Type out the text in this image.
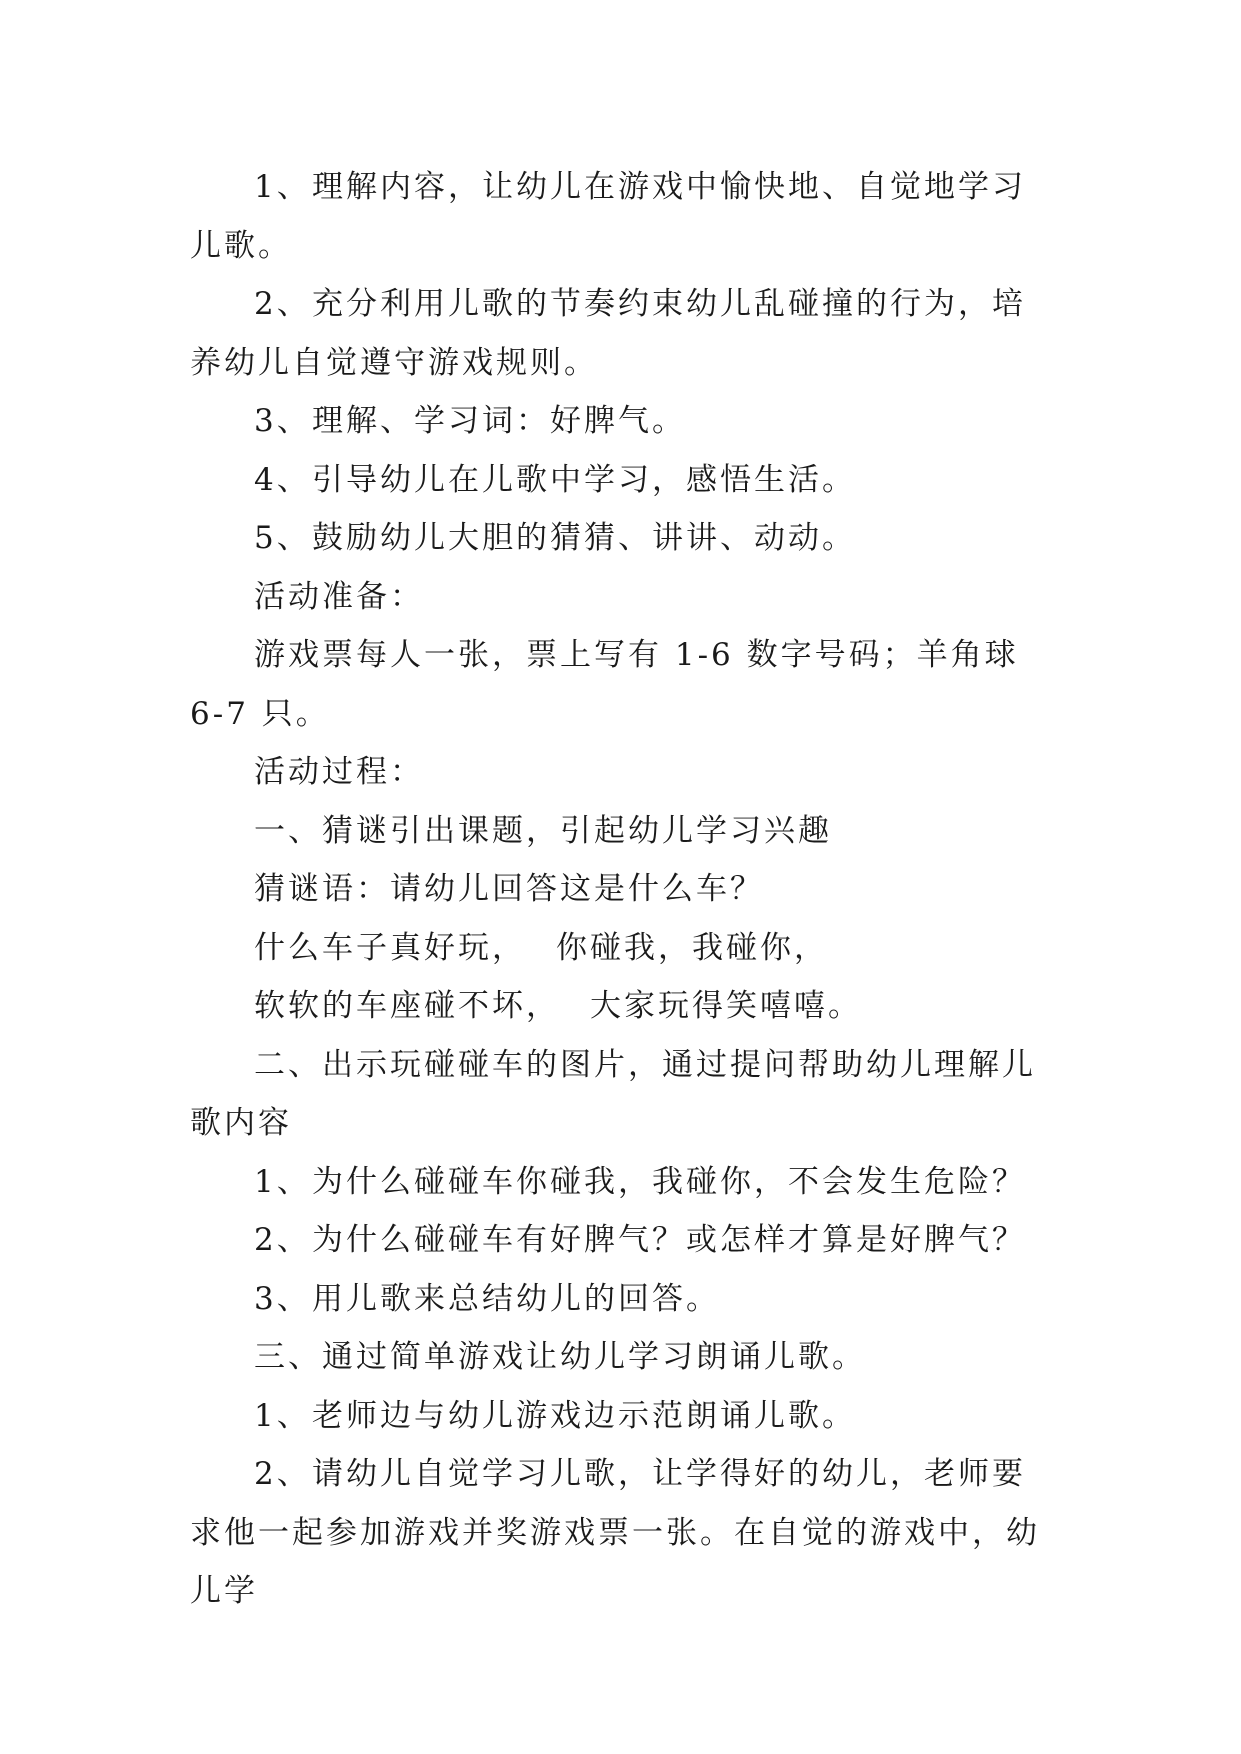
1、理解内容，让幼儿在游戏中愉快地、自觉地学习儿歌。

2、充分利用儿歌的节奏约束幼儿乱碰撞的行为，培养幼儿自觉遵守游戏规则。

3、理解、学习词：好脾气。

4、引导幼儿在儿歌中学习，感悟生活。

5、鼓励幼儿大胆的猜猜、讲讲、动动。

活动准备：

游戏票每人一张，票上写有 1-6 数字号码；羊角球 6-7 只。

活动过程：

一、猜谜引出课题，引起幼儿学习兴趣

猜谜语：请幼儿回答这是什么车？

什么车子真好玩， 你碰我，我碰你，

软软的车座碰不坏， 大家玩得笑嘻嘻。

二、出示玩碰碰车的图片，通过提问帮助幼儿理解儿歌内容

1、为什么碰碰车你碰我，我碰你，不会发生危险？

2、为什么碰碰车有好脾气？或怎样才算是好脾气？

3、用儿歌来总结幼儿的回答。

三、通过简单游戏让幼儿学习朗诵儿歌。

1、老师边与幼儿游戏边示范朗诵儿歌。

2、请幼儿自觉学习儿歌，让学得好的幼儿，老师要求他一起参加游戏并奖游戏票一张。在自觉的游戏中，幼儿学
